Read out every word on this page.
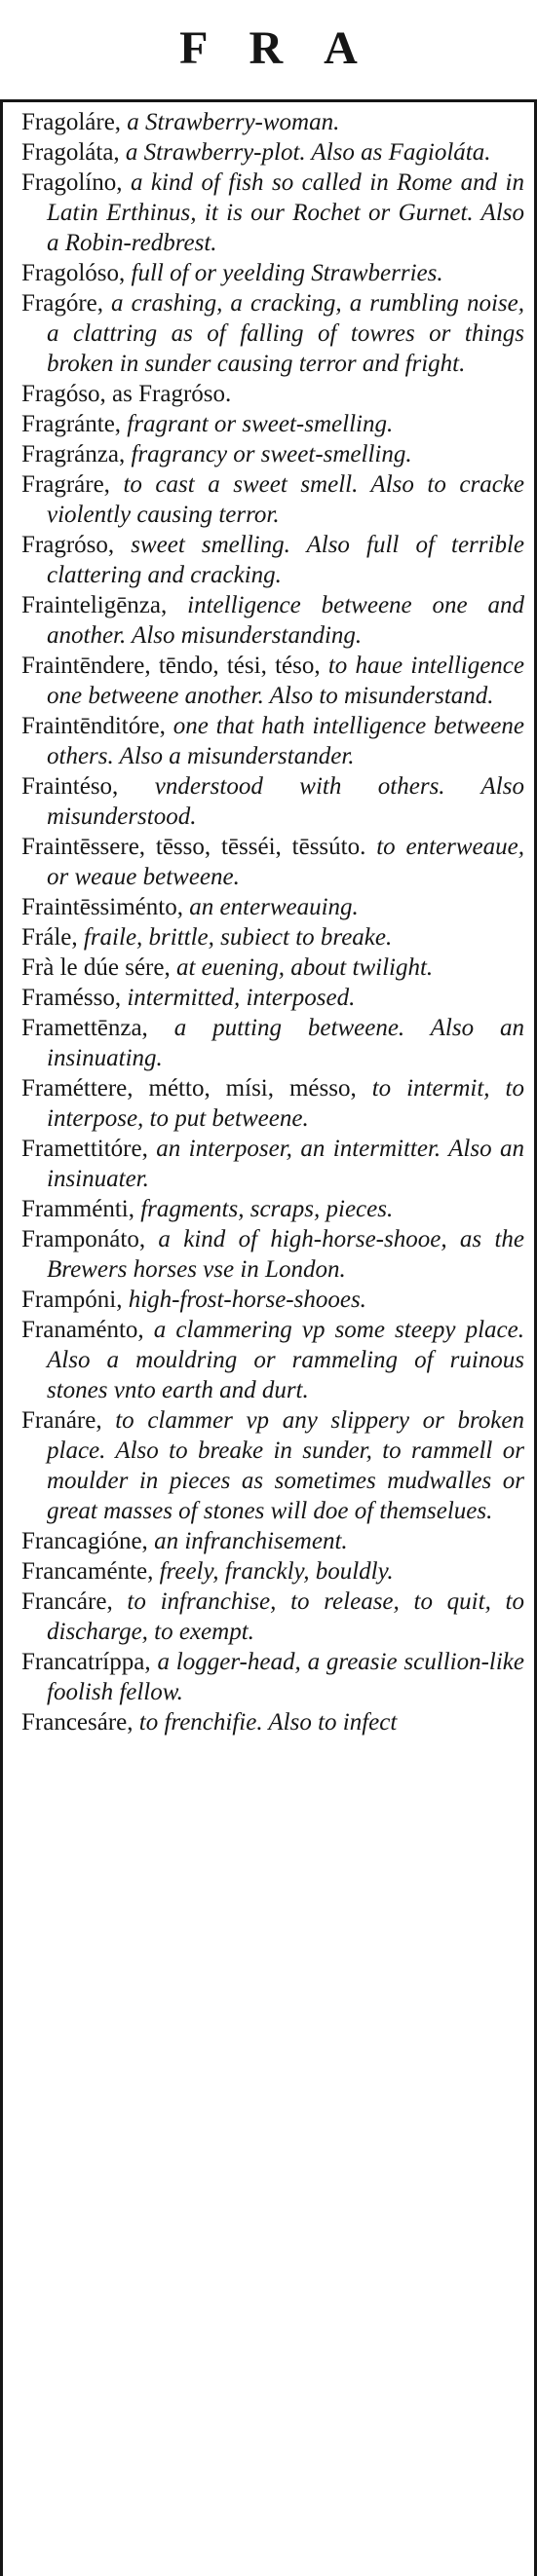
FRA

Fragoláre, a Strawberry-woman.

Fragoláta, a Strawberry-plot. Also as Fagioláta.

Fragolíno, a kind of fish so called in Rome and in Latin Erthinus, it is our Rochet or Gurnet. Also a Robin-redbrest.

Fragolóso, full of or yeelding Strawberries.

Fragóre, a crashing, a cracking, a rumbling noise, a clattring as of falling of towres or things broken in sunder causing terror and fright.

Fragóso, as Fragróso.

Fragránte, fragrant or sweet-smelling.

Fragránza, fragrancy or sweet-smelling.

Fragráre, to cast a sweet smell. Also to cracke violently causing terror.

Fragróso, sweet smelling. Also full of terrible clattering and cracking.

Frainteligēnza, intelligence betweene one and another. Also misunderstanding.

Fraintēndere, tēndo, tési, téso, to haue intelligence one betweene another. Also to misunderstand.

Fraintēnditóre, one that hath intelligence betweene others. Also a misunderstander.

Fraintéso, vnderstood with others. Also misunderstood.

Fraintēssere, tēsso, tēsséi, tēssúto. to enterweaue, or weaue betweene.

Fraintēssiménto, an enterweauing.

Frále, fraile, brittle, subiect to breake.

Frà le dúe sére, at euening, about twilight.

Framésso, intermitted, interposed.

Framettēnza, a putting betweene. Also an insinuating.

Framéttere, métto, mísi, mésso, to intermit, to interpose, to put betweene.

Framettitóre, an interposer, an intermitter. Also an insinuater.

Framménti, fragments, scraps, pieces.

Framponáto, a kind of high-horse-shooe, as the Brewers horses vse in London.

Frampóni, high-frost-horse-shooes.

Franaménto, a clammering vp some steepy place. Also a mouldring or rammeling of ruinous stones vnto earth and durt.

Franáre, to clammer vp any slippery or broken place. Also to breake in sunder, to rammell or moulder in pieces as sometimes mudwalles or great masses of stones will doe of themselues.

Francagióne, an infranchisement.

Francaménte, freely, franckly, bouldly.

Francáre, to infranchise, to release, to quit, to discharge, to exempt.

Francatríppa, a logger-head, a greasie scullion-like foolish fellow.

Francesáre, to frenchifie. Also to infect
